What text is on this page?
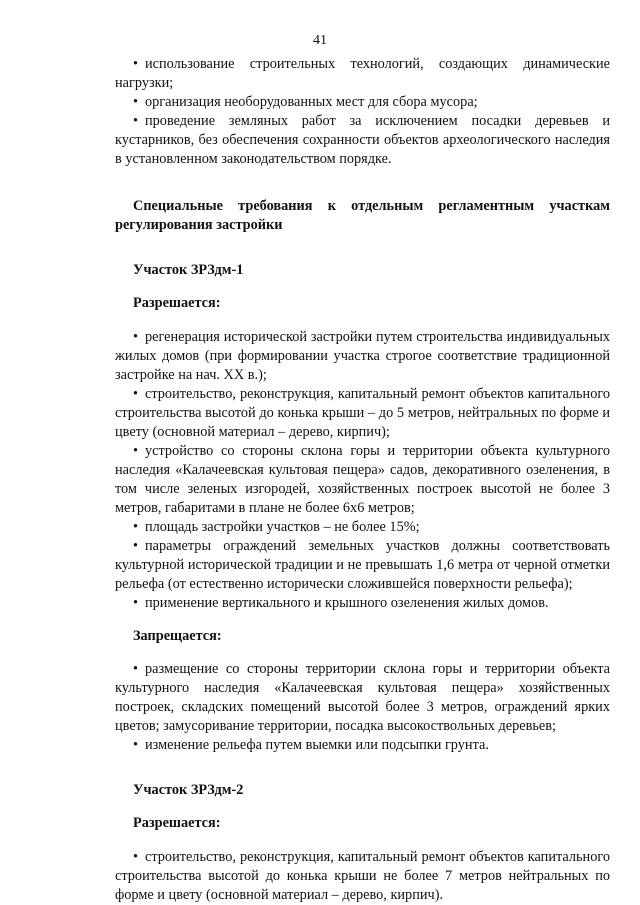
41

• использование строительных технологий, создающих динамические нагрузки;

• организация необорудованных мест для сбора мусора;

• проведение земляных работ за исключением посадки деревьев и кустарников, без обеспечения сохранности объектов археологического наследия в установленном законодательством порядке.

Специальные требования к отдельным регламентным участкам регулирования застройки

Участок ЗРЗдм-1

Разрешается:

• регенерация исторической застройки путем строительства индивидуальных жилых домов (при формировании участка строгое соответствие традиционной застройке на нач. XX в.);

• строительство, реконструкция, капитальный ремонт объектов капитального строительства высотой до конька крыши – до 5 метров, нейтральных по форме и цвету (основной материал – дерево, кирпич);

• устройство со стороны склона горы и территории объекта культурного наследия «Калачеевская культовая пещера» садов, декоративного озеленения, в том числе зеленых изгородей, хозяйственных построек высотой не более 3 метров, габаритами в плане не более 6х6 метров;

• площадь застройки участков – не более 15%;

• параметры ограждений земельных участков должны соответствовать культурной исторической традиции и не превышать 1,6 метра от черной отметки рельефа (от естественно исторически сложившейся поверхности рельефа);

• применение вертикального и крышного озеленения жилых домов.

Запрещается:

• размещение со стороны территории склона горы и территории объекта культурного наследия «Калачеевская культовая пещера» хозяйственных построек, складских помещений высотой более 3 метров, ограждений ярких цветов; замусоривание территории, посадка высокоствольных деревьев;

• изменение рельефа путем выемки или подсыпки грунта.

Участок ЗРЗдм-2

Разрешается:

• строительство, реконструкция, капитальный ремонт объектов капитального строительства высотой до конька крыши не более 7 метров нейтральных по форме и цвету (основной материал – дерево, кирпич).
